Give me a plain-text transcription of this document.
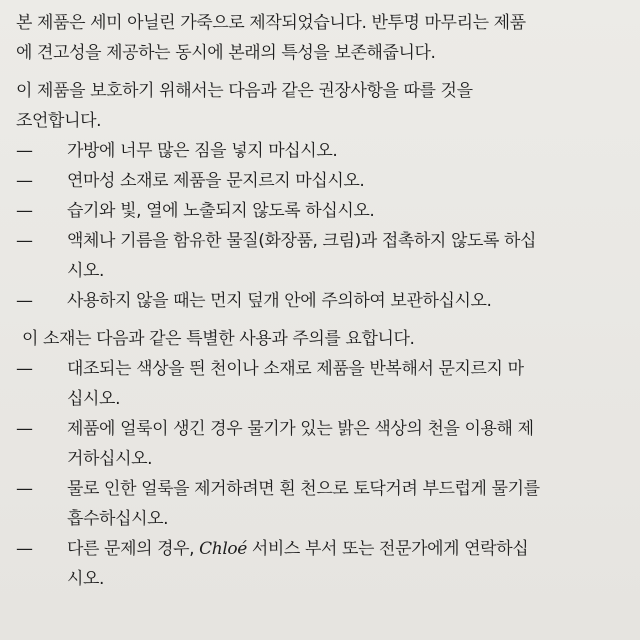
본 제품은 세미 아닐린 가죽으로 제작되었습니다. 반투명 마무리는 제품
에 견고성을 제공하는 동시에 본래의 특성을 보존해줍니다.

이 제품을 보호하기 위해서는 다음과 같은 권장사항을 따를 것을
조언합니다.

—	가방에 너무 많은 짐을 넣지 마십시오.
—	연마성 소재로 제품을 문지르지 마십시오.
—	습기와 빛, 열에 노출되지 않도록 하십시오.
—	액체나 기름을 함유한 물질(화장품, 크림)과 접촉하지 않도록 하십
시오.
—	사용하지 않을 때는 먼지 덮개 안에 주의하여 보관하십시오.

이 소재는 다음과 같은 특별한 사용과 주의를 요합니다.

—	대조되는 색상을 띈 천이나 소재로 제품을 반복해서 문지르지 마
십시오.
—	제품에 얼룩이 생긴 경우 물기가 있는 밝은 색상의 천을 이용해 제
거하십시오.
—	물로 인한 얼룩을 제거하려면 흰 천으로 토닥거려 부드럽게 물기를
흡수하십시오.
—	다른 문제의 경우, Chloé 서비스 부서 또는 전문가에게 연락하십
시오.
